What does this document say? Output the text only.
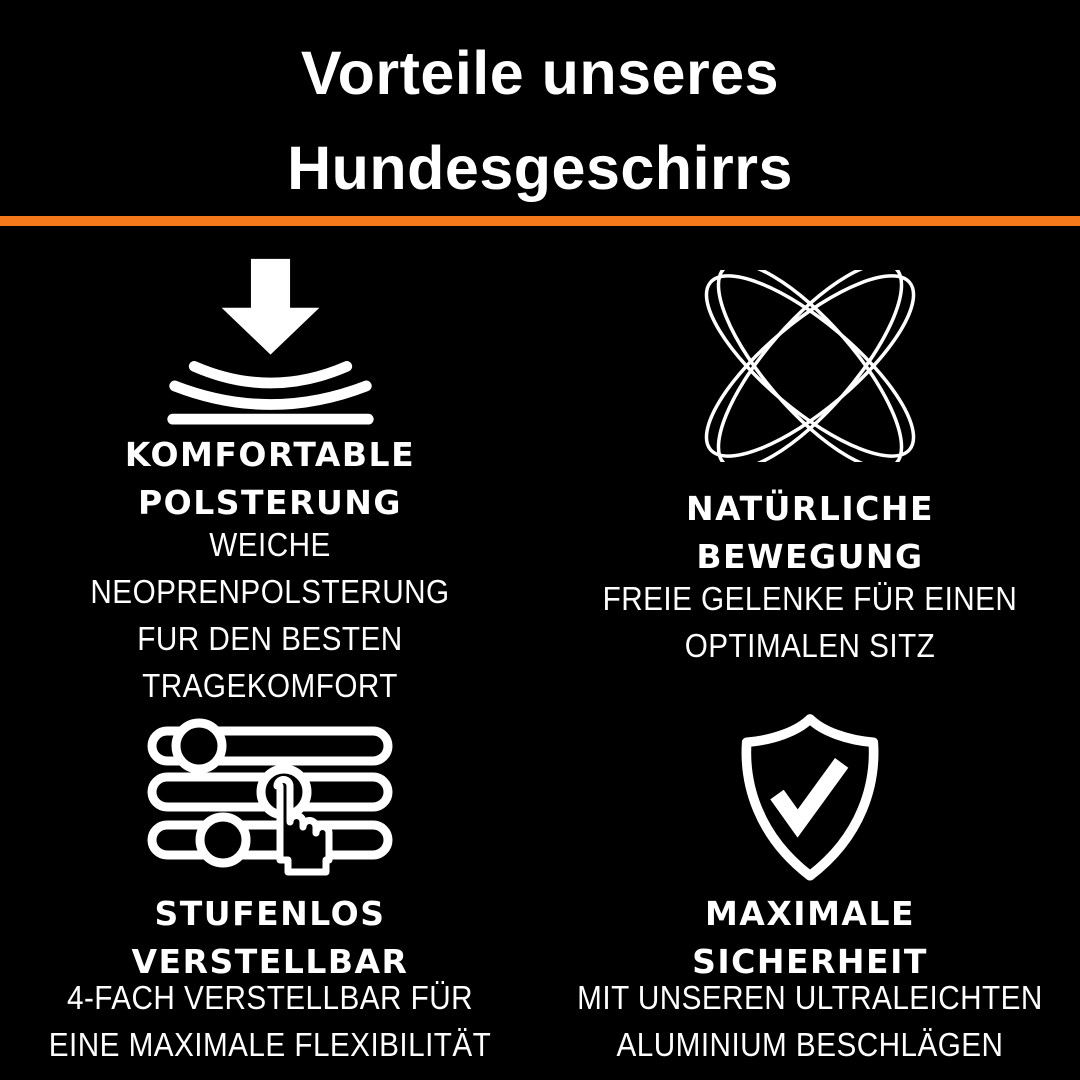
Vorteile unseres
Hundesgeschirrs
KOMFORTABLE
POLSTERUNG
WEICHE NEOPRENPOLSTERUNG
FUR DEN BESTEN TRAGEKOMFORT
NATÜRLICHE
BEWEGUNG
FREIE GELENKE FÜR EINEN
OPTIMALEN SITZ
STUFENLOS
VERSTELLBAR
4-FACH VERSTELLBAR FÜR
EINE MAXIMALE FLEXIBILITÄT
MAXIMALE
SICHERHEIT
MIT UNSEREN ULTRALEICHTEN
ALUMINIUM BESCHLÄGEN
